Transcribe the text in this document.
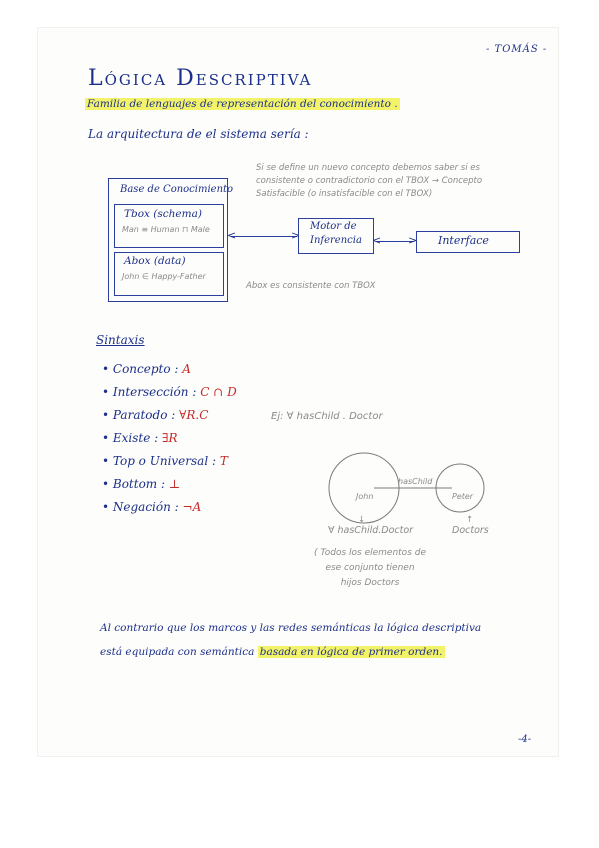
- TOMÁS -
Lógica Descriptiva
Familia de lenguajes de representación del conocimiento .
La arquitectura de el sistema sería :
Si se define un nuevo concepto debemos saber si es
consistente o contradictorio con el TBOX → Concepto
Satisfacible (o insatisfacible con el TBOX)
Base de Conocimiento
Tbox (schema)
Man ≡ Human ⊓ Male
Abox (data)
John ∈ Happy-Father
<	>
Motor de
Inferencia < > Interface
Abox es consistente con TBOX
Sintaxis
• Concepto : A
• Intersección : C ∩ D
• Paratodo : ∀R.C
• Existe : ∃R
• Top o Universal : T
• Bottom : ⊥
• Negación : ¬A
Ej: ∀ hasChild . Doctor
John	Peter
hasChild
↓	↑
∀ hasChild.Doctor	Doctors
( Todos los elementos de
ese conjunto tienen
hijos Doctors
Al contrario que los marcos y las redes semánticas la lógica descriptiva
está equipada con semántica basada en lógica de primer orden.
-4-
